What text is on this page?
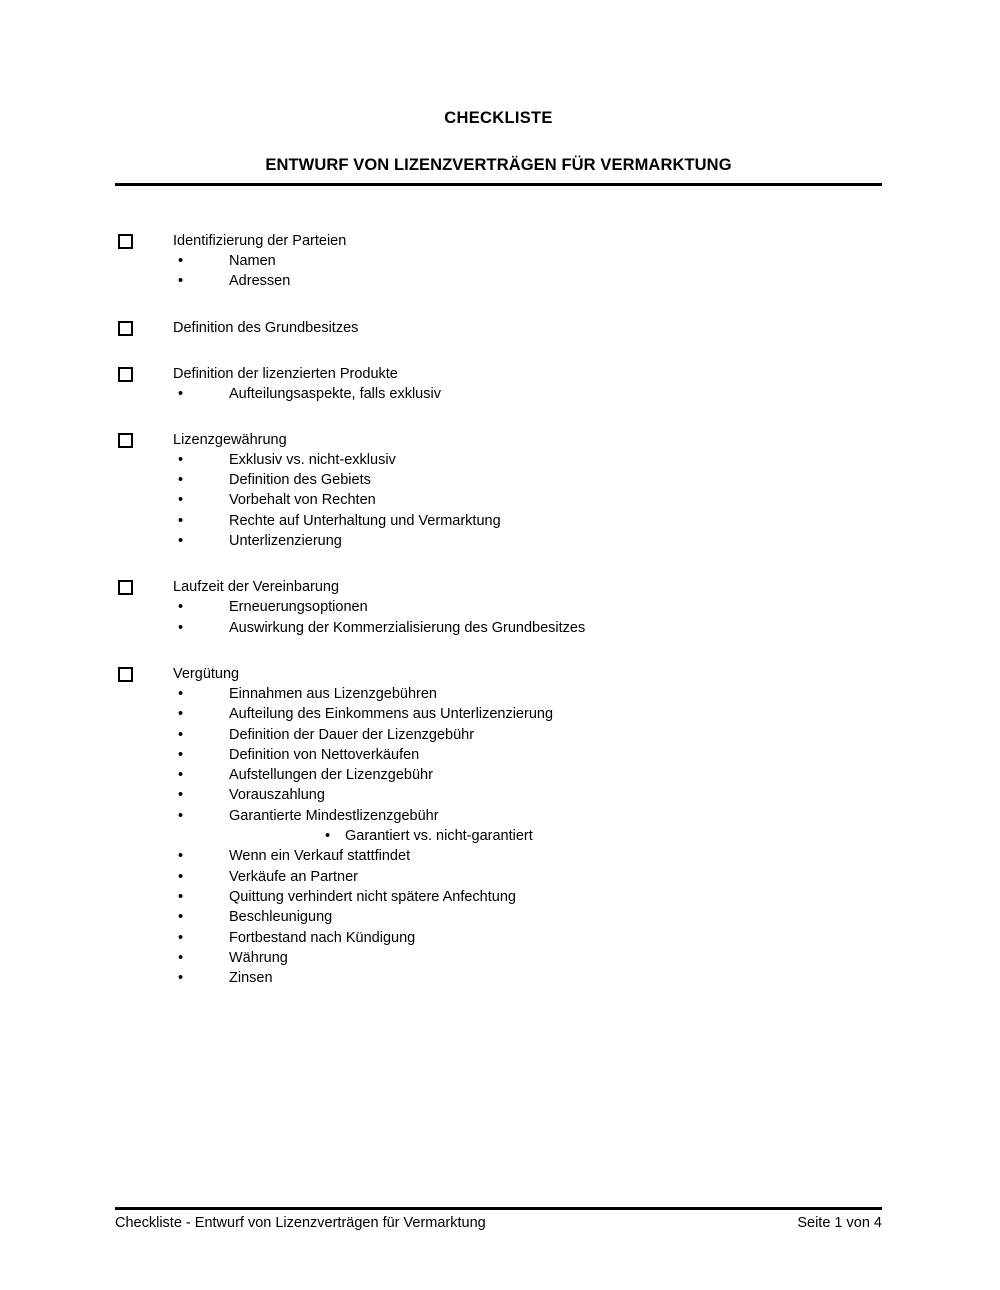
CHECKLISTE
ENTWURF VON LIZENZVERTRÄGEN FÜR VERMARKTUNG
Identifizierung der Parteien
•	Namen
•	Adressen
Definition des Grundbesitzes
Definition der lizenzierten Produkte
•	Aufteilungsaspekte, falls exklusiv
Lizenzgewährung
•	Exklusiv vs. nicht-exklusiv
•	Definition des Gebiets
•	Vorbehalt von Rechten
•	Rechte auf Unterhaltung und Vermarktung
•	Unterlizenzierung
Laufzeit der Vereinbarung
•	Erneuerungsoptionen
•	Auswirkung der Kommerzialisierung des Grundbesitzes
Vergütung
•	Einnahmen aus Lizenzgebühren
•	Aufteilung des Einkommens aus Unterlizenzierung
•	Definition der Dauer der Lizenzgebühr
•	Definition von Nettoverkäufen
•	Aufstellungen der Lizenzgebühr
•	Vorauszahlung
•	Garantierte Mindestlizenzgebühr
• Garantiert vs. nicht-garantiert
•	Wenn ein Verkauf stattfindet
•	Verkäufe an Partner
•	Quittung verhindert nicht spätere Anfechtung
•	Beschleunigung
•	Fortbestand nach Kündigung
•	Währung
•	Zinsen
Checkliste - Entwurf von Lizenzverträgen für Vermarktung	Seite 1 von 4
